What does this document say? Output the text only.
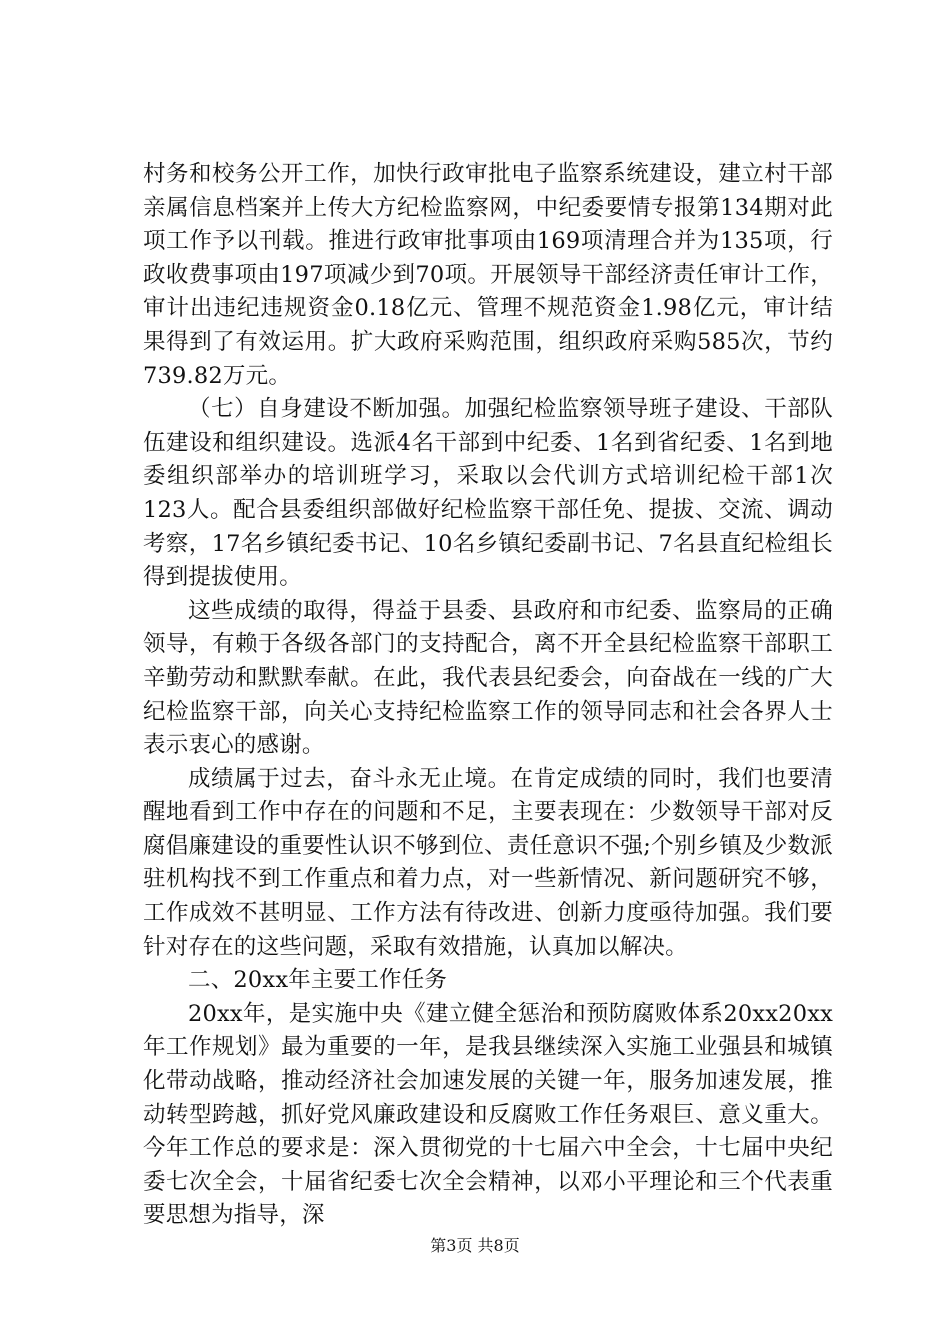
村务和校务公开工作，加快行政审批电子监察系统建设，建立村干部亲属信息档案并上传大方纪检监察网，中纪委要情专报第134期对此项工作予以刊载。推进行政审批事项由169项清理合并为135项，行政收费事项由197项减少到70项。开展领导干部经济责任审计工作，审计出违纪违规资金0.18亿元、管理不规范资金1.98亿元，审计结果得到了有效运用。扩大政府采购范围，组织政府采购585次，节约739.82万元。

（七）自身建设不断加强。加强纪检监察领导班子建设、干部队伍建设和组织建设。选派4名干部到中纪委、1名到省纪委、1名到地委组织部举办的培训班学习，采取以会代训方式培训纪检干部1次123人。配合县委组织部做好纪检监察干部任免、提拔、交流、调动考察，17名乡镇纪委书记、10名乡镇纪委副书记、7名县直纪检组长得到提拔使用。

这些成绩的取得，得益于县委、县政府和市纪委、监察局的正确领导，有赖于各级各部门的支持配合，离不开全县纪检监察干部职工辛勤劳动和默默奉献。在此，我代表县纪委会，向奋战在一线的广大纪检监察干部，向关心支持纪检监察工作的领导同志和社会各界人士表示衷心的感谢。

成绩属于过去，奋斗永无止境。在肯定成绩的同时，我们也要清醒地看到工作中存在的问题和不足，主要表现在：少数领导干部对反腐倡廉建设的重要性认识不够到位、责任意识不强;个别乡镇及少数派驻机构找不到工作重点和着力点，对一些新情况、新问题研究不够，工作成效不甚明显、工作方法有待改进、创新力度亟待加强。我们要针对存在的这些问题，采取有效措施，认真加以解决。

二、20xx年主要工作任务

20xx年，是实施中央《建立健全惩治和预防腐败体系20xx20xx年工作规划》最为重要的一年，是我县继续深入实施工业强县和城镇化带动战略，推动经济社会加速发展的关键一年，服务加速发展，推动转型跨越，抓好党风廉政建设和反腐败工作任务艰巨、意义重大。今年工作总的要求是：深入贯彻党的十七届六中全会，十七届中央纪委七次全会，十届省纪委七次全会精神，以邓小平理论和三个代表重要思想为指导，深

第3页 共8页
